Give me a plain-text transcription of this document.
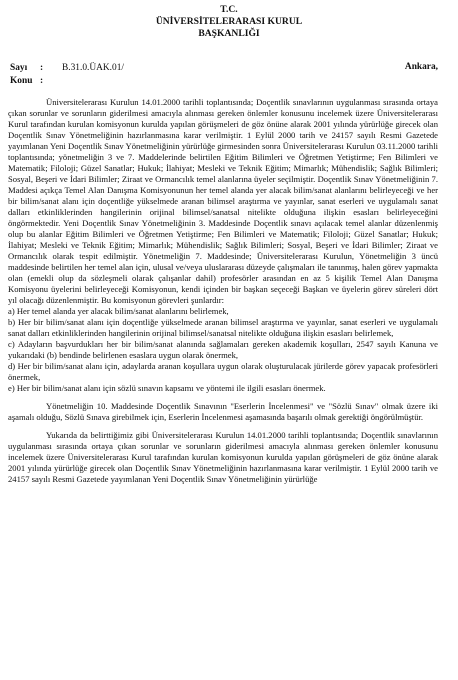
T.C.
ÜNİVERSİTELERARASI KURUL
BAŞKANLIĞI
Sayı	:	B.31.0.ÜAK.01/
Konu :
Ankara,

Üniversitelerarası Kurulun 14.01.2000 tarihli toplantısında; Doçentlik sınavlarının uygulanması sırasında ortaya çıkan sorunlar ve sorunların giderilmesi amacıyla alınması gereken önlemler konusunu incelemek üzere Üniversitelerarası Kurul tarafından kurulan komisyonun kurulda yapılan görüşmeleri de göz önüne alarak 2001 yılında yürürlüğe girecek olan Doçentlik Sınav Yönetmeliğinin hazırlanmasına karar verilmiştir. 1 Eylül 2000 tarih ve 24157 sayılı Resmi Gazetede yayımlanan Yeni Doçentlik Sınav Yönetmeliğinin yürürlüğe girmesinden sonra Üniversitelerarası Kurulun 03.11.2000 tarihli toplantısında; yönetmeliğin 3 ve 7. Maddelerinde belirtilen Eğitim Bilimleri ve Öğretmen Yetiştirme; Fen Bilimleri ve Matematik; Filoloji; Güzel Sanatlar; Hukuk; İlahiyat; Mesleki ve Teknik Eğitim; Mimarlık; Mühendislik; Sağlık Bilimleri; Sosyal, Beşeri ve İdari Bilimler; Ziraat ve Ormancılık temel alanlarına üyeler seçilmiştir. Doçentlik Sınav Yönetmeliğinin 7. Maddesi açıkça Temel Alan Danışma Komisyonunun her temel alanda yer alacak bilim/sanat alanlarını belirleyeceği ve her bir bilim/sanat alanı için doçentliğe yükselmede aranan bilimsel araştırma ve yayınlar, sanat eserleri ve uygulamalı sanat dalları etkinliklerinden hangilerinin orijinal bilimsel/sanatsal nitelikte olduğuna ilişkin esasları belirleyeceğini öngörmektedir. Yeni Doçentlik Sınav Yönetmeliğinin 3. Maddesinde Doçentlik sınavı açılacak temel alanlar düzenlenmiş olup bu alanlar Eğitim Bilimleri ve Öğretmen Yetiştirme; Fen Bilimleri ve Matematik; Filoloji; Güzel Sanatlar; Hukuk; İlahiyat; Mesleki ve Teknik Eğitim; Mimarlık; Mühendislik; Sağlık Bilimleri; Sosyal, Beşeri ve İdari Bilimler; Ziraat ve Ormancılık olarak tespit edilmiştir. Yönetmeliğin 7. Maddesinde; Üniversitelerarası Kurulun, Yönetmeliğin 3 üncü maddesinde belirtilen her temel alan için, ulusal ve/veya uluslararası düzeyde çalışmaları ile tanınmış, halen görev yapmakta olan (emekli olup da sözleşmeli olarak çalışanlar dahil) profesörler arasından en az 5 kişilik Temel Alan Danışma Komisyonu üyelerini belirleyeceği Komisyonun, kendi içinden bir başkan seçeceği Başkan ve üyelerin görev süreleri dört yıl olacağı düzenlenmiştir. Bu komisyonun görevleri şunlardır:

a) Her temel alanda yer alacak bilim/sanat alanlarını belirlemek,

b) Her bir bilim/sanat alanı için doçentliğe yükselmede aranan bilimsel araştırma ve yayınlar, sanat eserleri ve uygulamalı sanat dalları etkinliklerinden hangilerinin orijinal bilimsel/sanatsal nitelikte olduğuna ilişkin esasları belirlemek,

c) Adayların başvurdukları her bir bilim/sanat alanında sağlamaları gereken akademik koşulları, 2547 sayılı Kanuna ve yukarıdaki (b) bendinde belirlenen esaslara uygun olarak önermek,

d) Her bir bilim/sanat alanı için, adaylarda aranan koşullara uygun olarak oluşturulacak jürilerde görev yapacak profesörleri önermek,

e) Her bir bilim/sanat alanı için sözlü sınavın kapsamı ve yöntemi ile ilgili esasları önermek.

Yönetmeliğin 10. Maddesinde Doçentlik Sınavının "Eserlerin İncelenmesi" ve "Sözlü Sınav" olmak üzere iki aşamalı olduğu, Sözlü Sınava girebilmek için, Eserlerin İncelenmesi aşamasında başarılı olmak gerektiği öngörülmüştür.

Yukarıda da belirttiğimiz gibi Üniversitelerarası Kurulun 14.01.2000 tarihli toplantısında; Doçentlik sınavlarının uygulanması sırasında ortaya çıkan sorunlar ve sorunların giderilmesi amacıyla alınması gereken önlemler konusunu incelemek üzere Üniversitelerarası Kurul tarafından kurulan komisyonun kurulda yapılan görüşmeleri de göz önüne alarak 2001 yılında yürürlüğe girecek olan Doçentlik Sınav Yönetmeliğinin hazırlanmasına karar verilmiştir. 1 Eylül 2000 tarih ve 24157 sayılı Resmi Gazetede yayımlanan Yeni Doçentlik Sınav Yönetmeliğinin yürürlüğe
